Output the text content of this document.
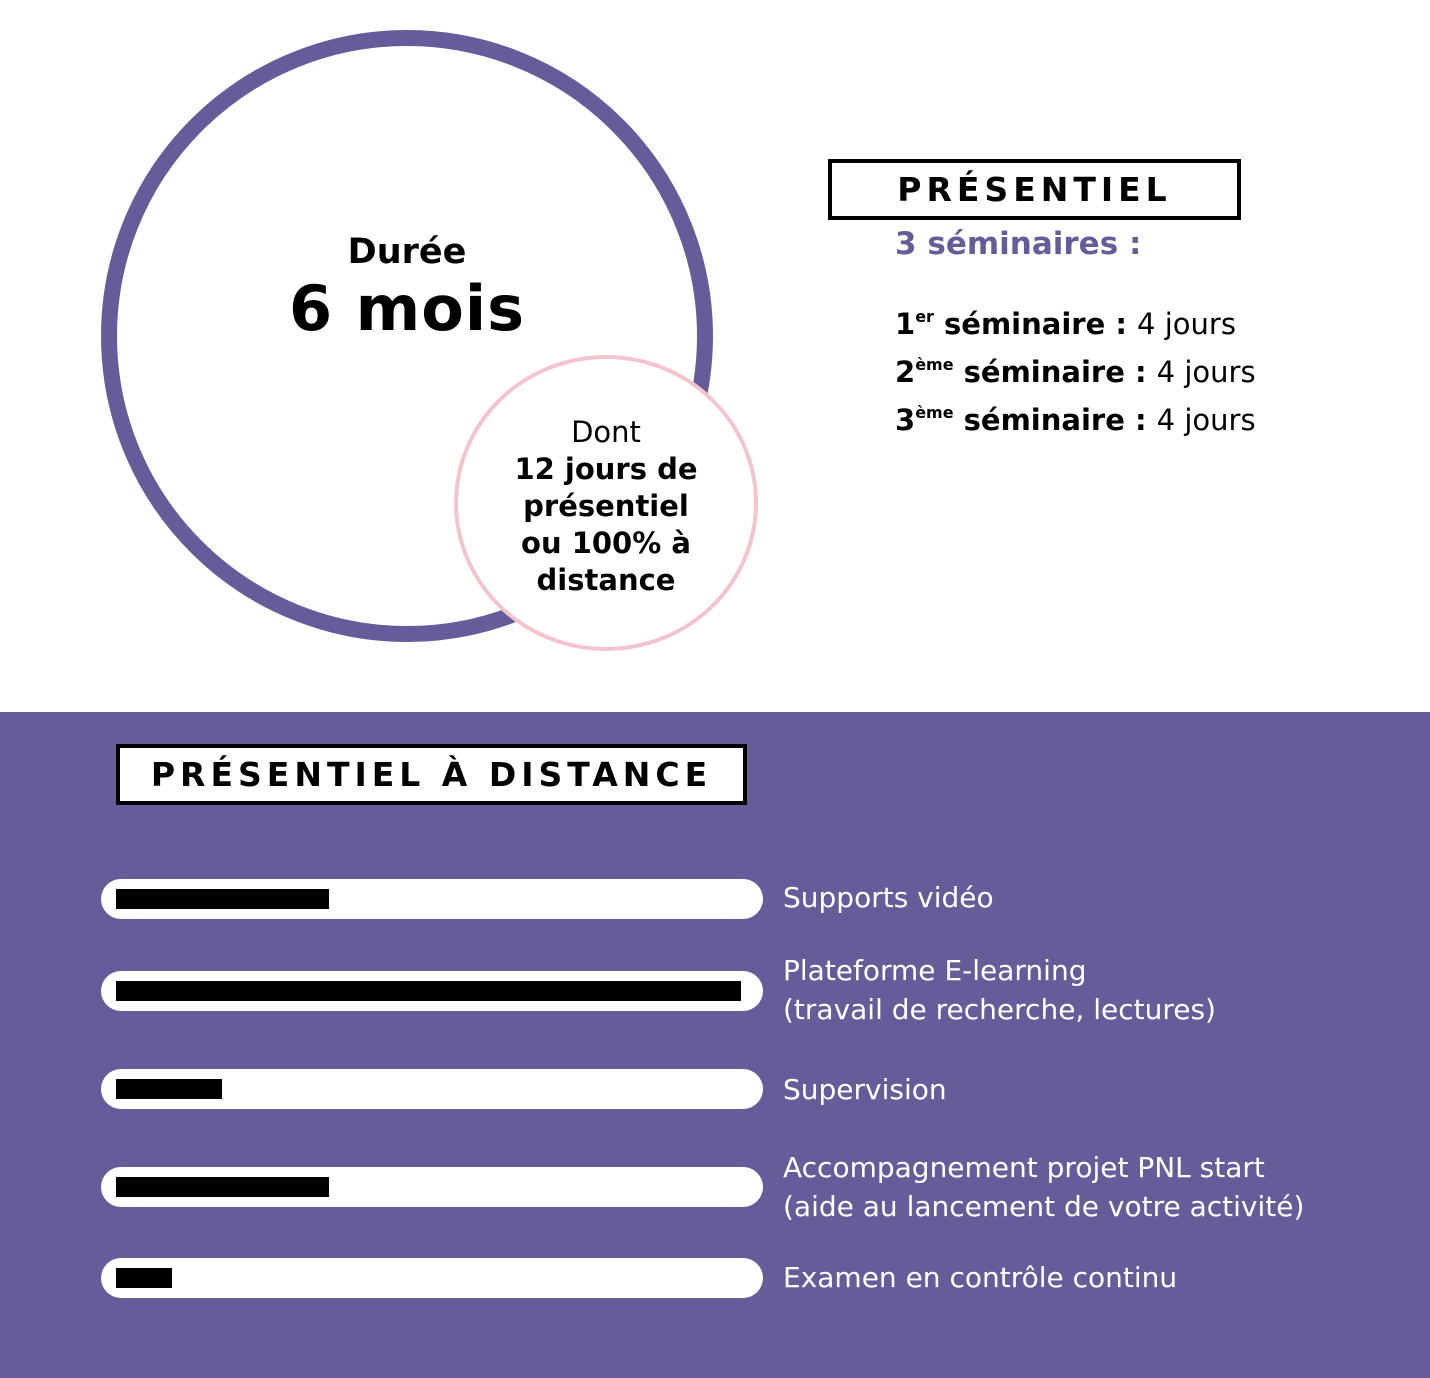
Durée
6 mois
Dont
12 jours de
présentiel
ou 100% à
distance
PRÉSENTIEL
3 séminaires :
1er séminaire : 4 jours
2ème séminaire : 4 jours
3ème séminaire : 4 jours
PRÉSENTIEL À DISTANCE
Supports vidéo
Plateforme E-learning
(travail de recherche, lectures)
Supervision
Accompagnement projet PNL start
(aide au lancement de votre activité)
Examen en contrôle continu
